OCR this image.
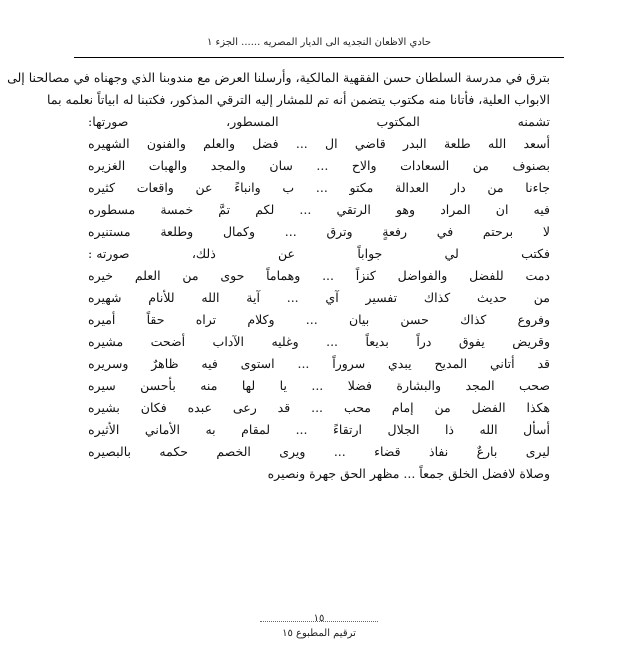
حادي الاظعان النجديه الى الديار المصريه ...... الجزء ١
بترق في مدرسة السلطان حسن الفقهية المالكية، وأرسلنا العرض مع مندوبنا الذي وجهناه في مصالحنا إلى
الابواب العلية، فأتانا منه مكتوب يتضمن أنه تم للمشار إليه الترقي المذكور، فكتبنا له ابياتاً نعلمه بما
تشمنه المكتوب المسطور، صورتها:
أسعد
الله
طلعة
البدر
قاضي
ال
...
فضل
والعلم
والفنون
الشهيره
بصنوف
من
السعادات
والاح
...
سان
والمجد
والهبات
الغزيره
جاءنا
من
دار
العدالة
مكتو
...
ب
وانباءً
عن
واقعات
كثيره
فيه
ان
المراد
وهو
الرتقي
...
لكم
تمَّ
خمسة
مسطوره
لا
برحتم
في
رفعةٍ
وترق
...
وكمال
وطلعة
مستنيره
فكتب
لي
جواباً
عن
ذلك،
صورته :
دمت
للفضل
والفواضل
كنزاً
...
وهماماً
حوى
من
العلم
خيره
من
حديث
كذاك
تفسير
آي
...
آية
الله
للأنام
شهيره
وفروع
كذاك
حسن
بيان
...
وكلام
تراه
حقاً
أميره
وقريض
يفوق
دراً
بديعاً
...
وغليه
الآداب
أضحت
مشيره
قد
أتاني
المديح
يبدي
سروراً
...
استوى
فيه
ظاهرٌ
وسريره
صحب
المجد
والبشارة
فضلا
...
يا
لها
منه
بأحسن
سيره
هكذا
الفضل
من
إمام
محب
...
قد
رعى
عبده
فكان
بشيره
أسأل
الله
ذا
الجلال
ارتقاءً
...
لمقام
به
الأماني
الأثيره
ليرى
بارعٌ
نفاذ
قضاء
...
ويرى
الخصم
حكمه
بالبصيره
وصلاة لافضل الخلق جمعاً ... مظهر الحق جهرة ونصيره
١٥
ترقيم المطبوع ١٥
